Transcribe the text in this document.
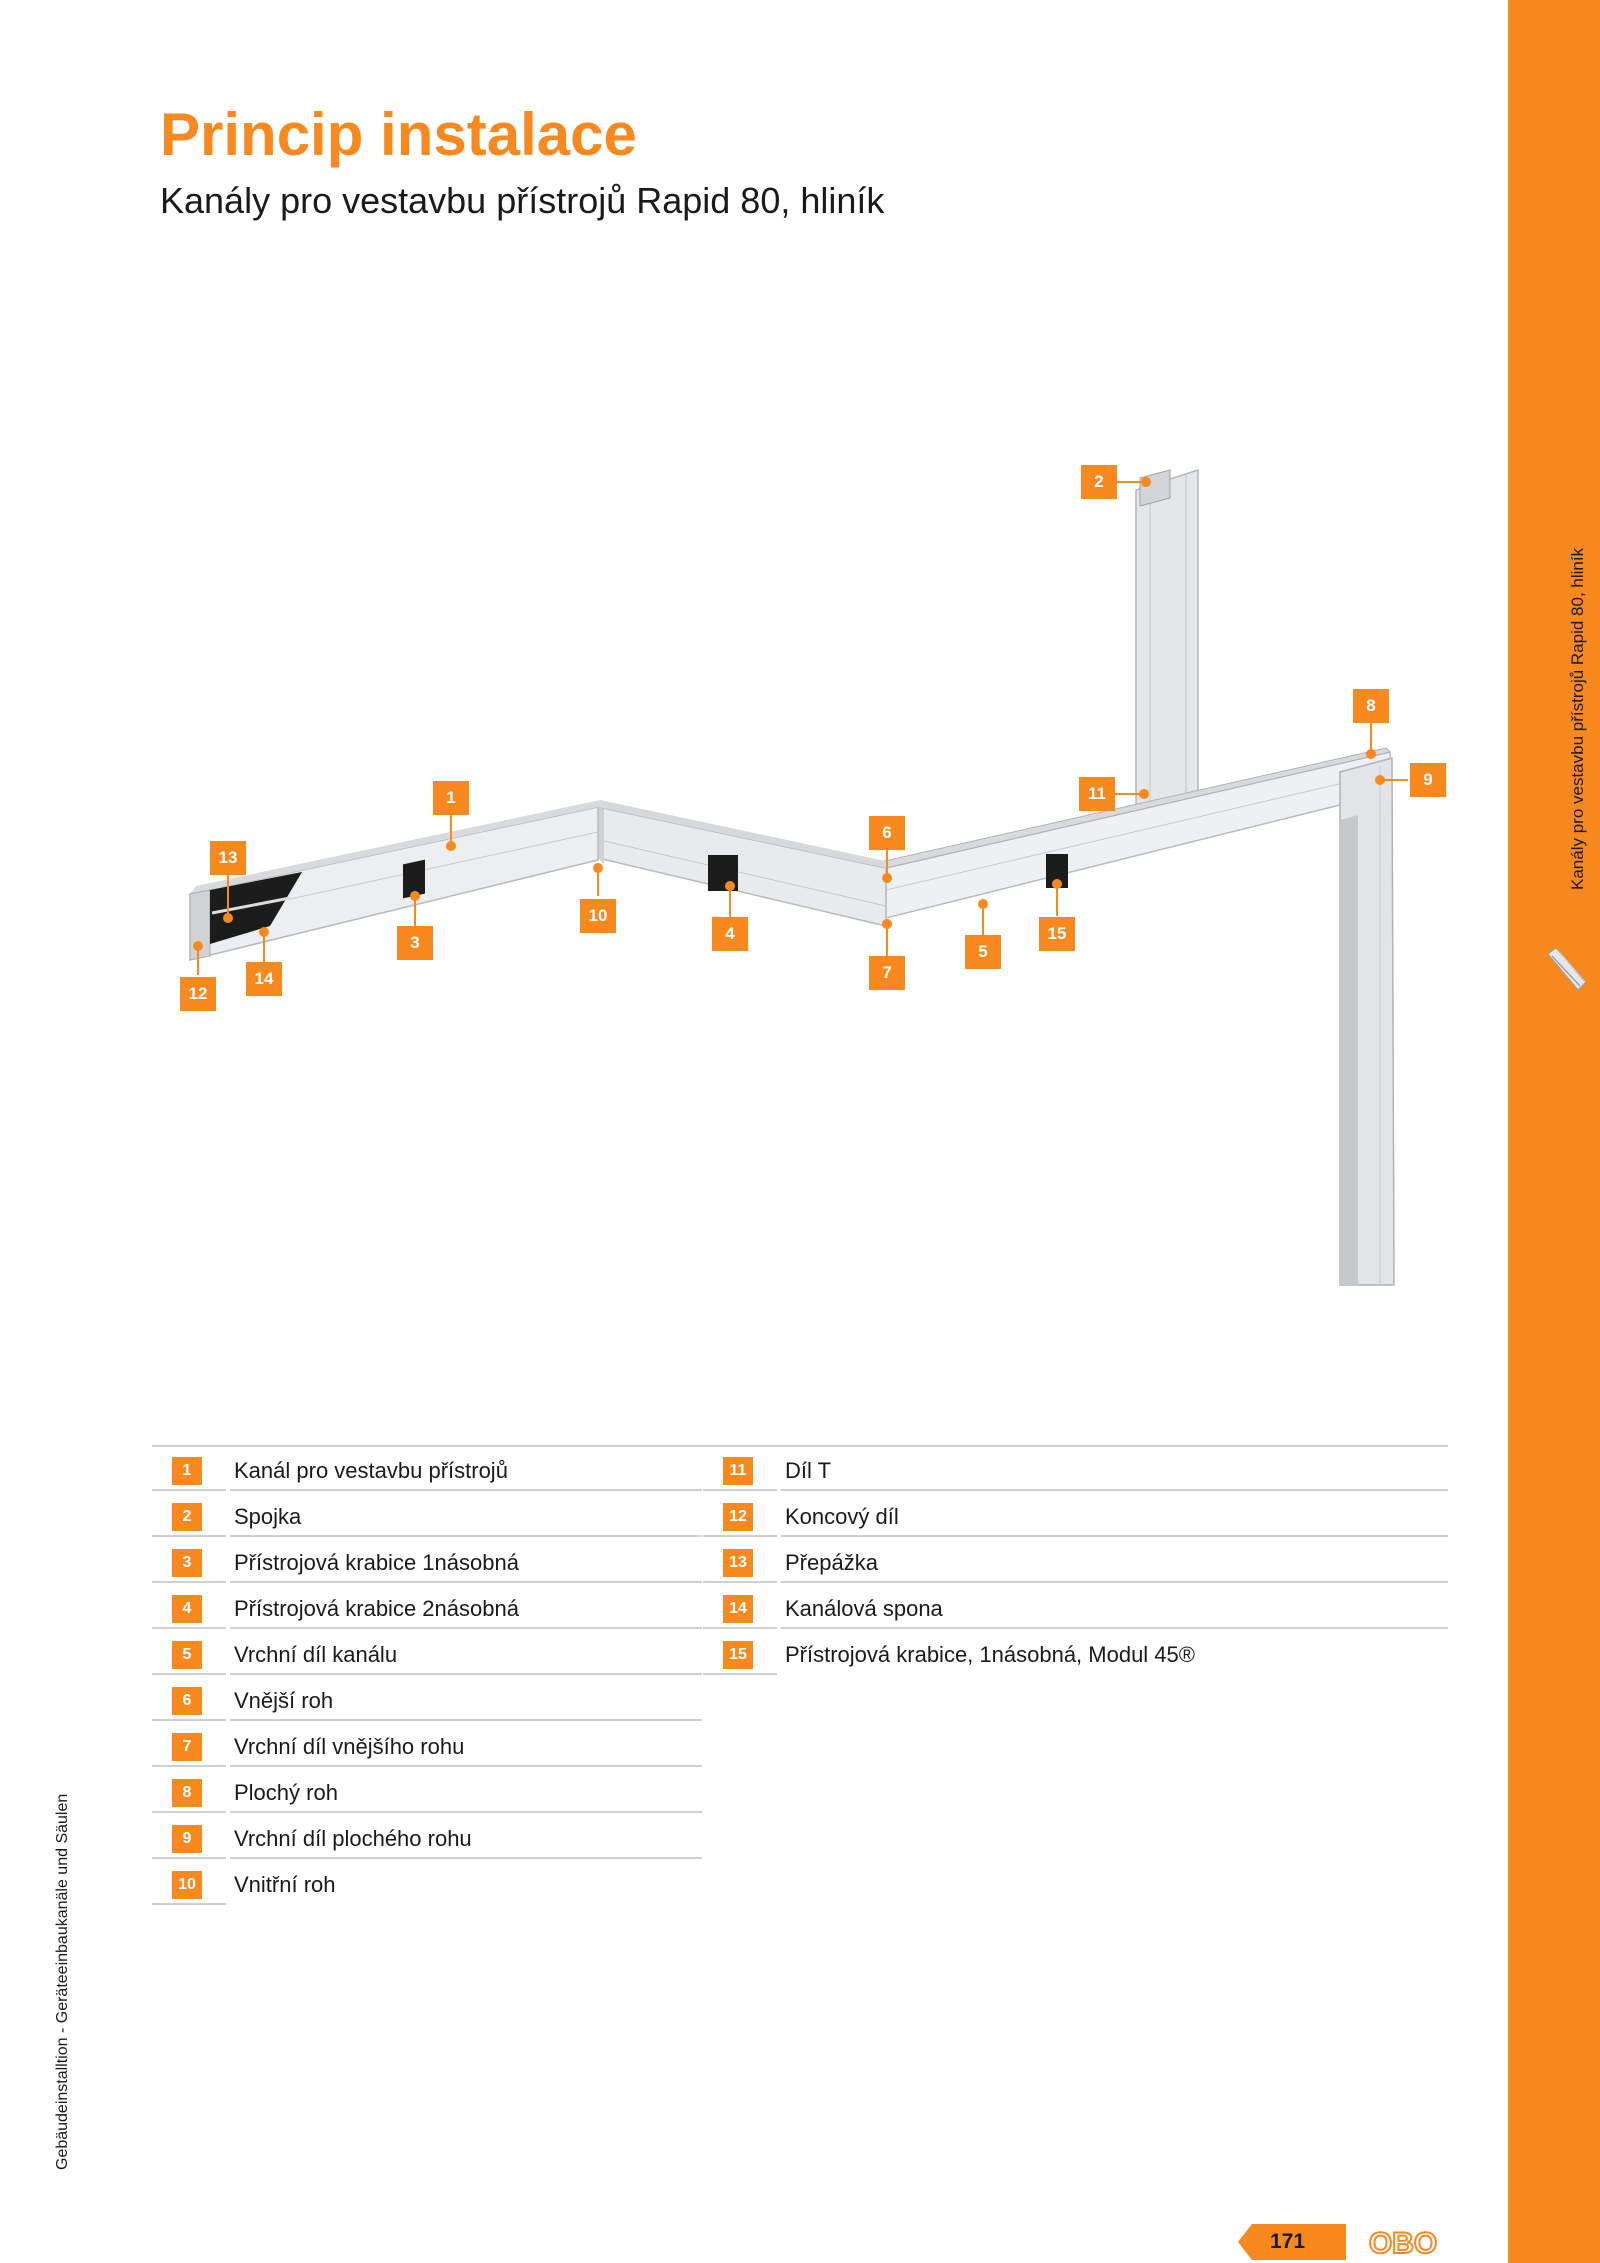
Kanály pro vestavbu přístrojů Rapid 80, hliník
Princip instalace
Kanály pro vestavbu přístrojů Rapid 80, hliník
1
2
3	4
5
6
7
8
9
10
11
12
13
14
15
1	Kanál pro vestavbu přístrojů
2	Spojka
3	Přístrojová krabice 1násobná
4	Přístrojová krabice 2násobná
5	Vrchní díl kanálu
6	Vnější roh
7	Vrchní díl vnějšího rohu
8	Plochý roh
9	Vrchní díl plochého rohu
10 Vnitřní roh
11 Díl T
12 Koncový díl
13 Přepážka
14 Kanálová spona
15 Přístrojová krabice, 1násobná, Modul 45®
Gebäudeinstalltion - Geräteeinbaukanäle und Säulen
171 OBO
